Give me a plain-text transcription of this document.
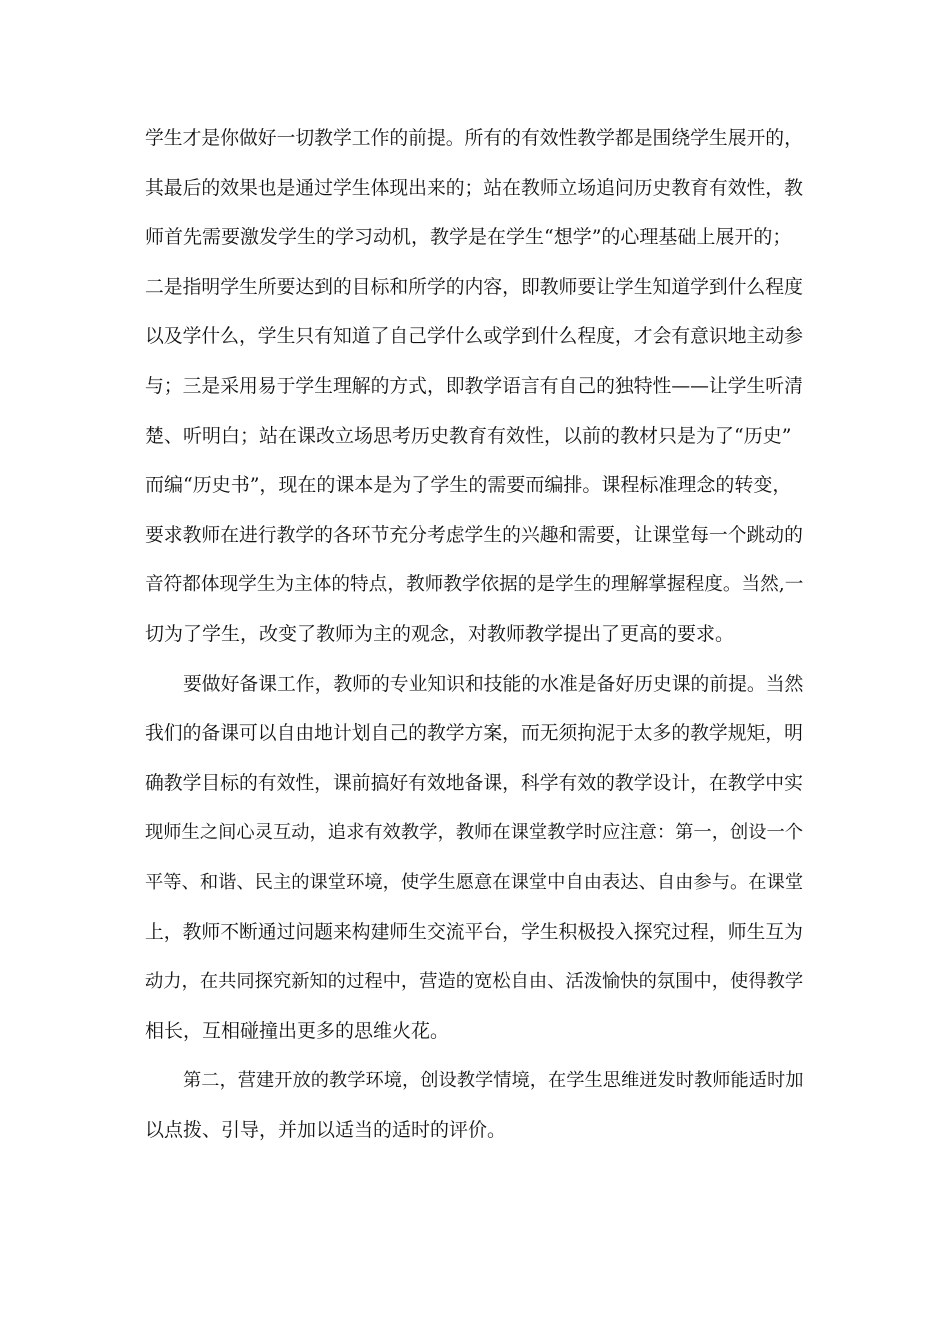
学生才是你做好一切教学工作的前提。所有的有效性教学都是围绕学生展开的，
其最后的效果也是通过学生体现出来的；站在教师立场追问历史教育有效性，教
师首先需要激发学生的学习动机，教学是在学生“想学”的心理基础上展开的；
二是指明学生所要达到的目标和所学的内容，即教师要让学生知道学到什么程度
以及学什么，学生只有知道了自己学什么或学到什么程度，才会有意识地主动参
与；三是采用易于学生理解的方式，即教学语言有自己的独特性——让学生听清
楚、听明白；站在课改立场思考历史教育有效性，以前的教材只是为了“历史”
而编“历史书”，现在的课本是为了学生的需要而编排。课程标准理念的转变，
要求教师在进行教学的各环节充分考虑学生的兴趣和需要，让课堂每一个跳动的
音符都体现学生为主体的特点，教师教学依据的是学生的理解掌握程度。当然,一
切为了学生，改变了教师为主的观念，对教师教学提出了更高的要求。
要做好备课工作，教师的专业知识和技能的水准是备好历史课的前提。当然
我们的备课可以自由地计划自己的教学方案，而无须拘泥于太多的教学规矩，明
确教学目标的有效性，课前搞好有效地备课，科学有效的教学设计，在教学中实
现师生之间心灵互动，追求有效教学，教师在课堂教学时应注意：第一，创设一个
平等、和谐、民主的课堂环境，使学生愿意在课堂中自由表达、自由参与。在课堂
上，教师不断通过问题来构建师生交流平台，学生积极投入探究过程，师生互为
动力，在共同探究新知的过程中，营造的宽松自由、活泼愉快的氛围中，使得教学
相长，互相碰撞出更多的思维火花。
第二，营建开放的教学环境，创设教学情境，在学生思维迸发时教师能适时加
以点拨、引导，并加以适当的适时的评价。
